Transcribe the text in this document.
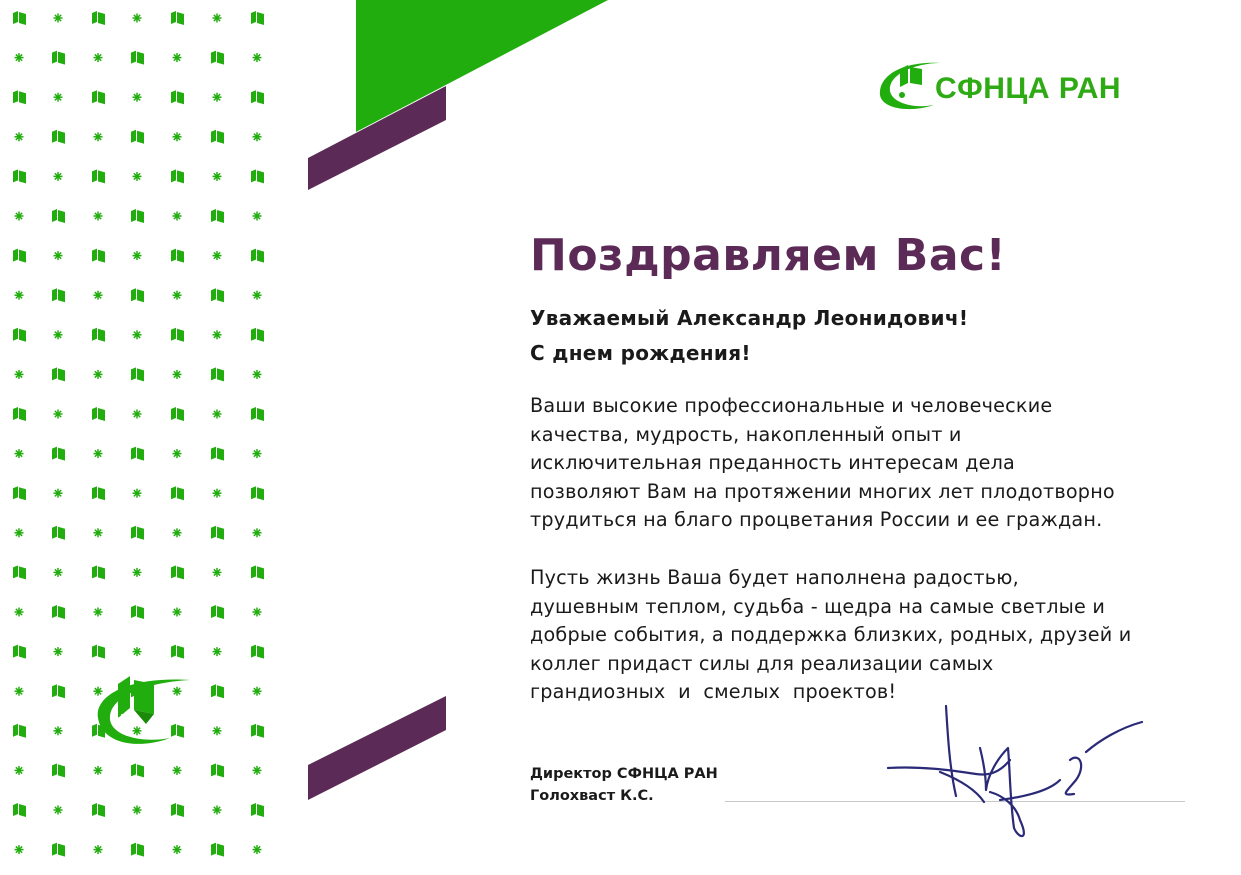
СФНЦА РАН
Поздравляем Вас!
Уважаемый Александр Леонидович!
С днем рождения!
Ваши высокие профессиональные и человеческие
качества, мудрость, накопленный опыт и
исключительная преданность интересам дела
позволяют Вам на протяжении многих лет плодотворно
трудиться на благо процветания России и ее граждан.
Пусть жизнь Ваша будет наполнена радостью,
душевным теплом, судьба - щедра на самые светлые и
добрые события, а поддержка близких, родных, друзей и
коллег придаст силы для реализации самых
грандиозных  и  смелых  проектов!
Директор СФНЦА РАН
Голохваст К.С.
